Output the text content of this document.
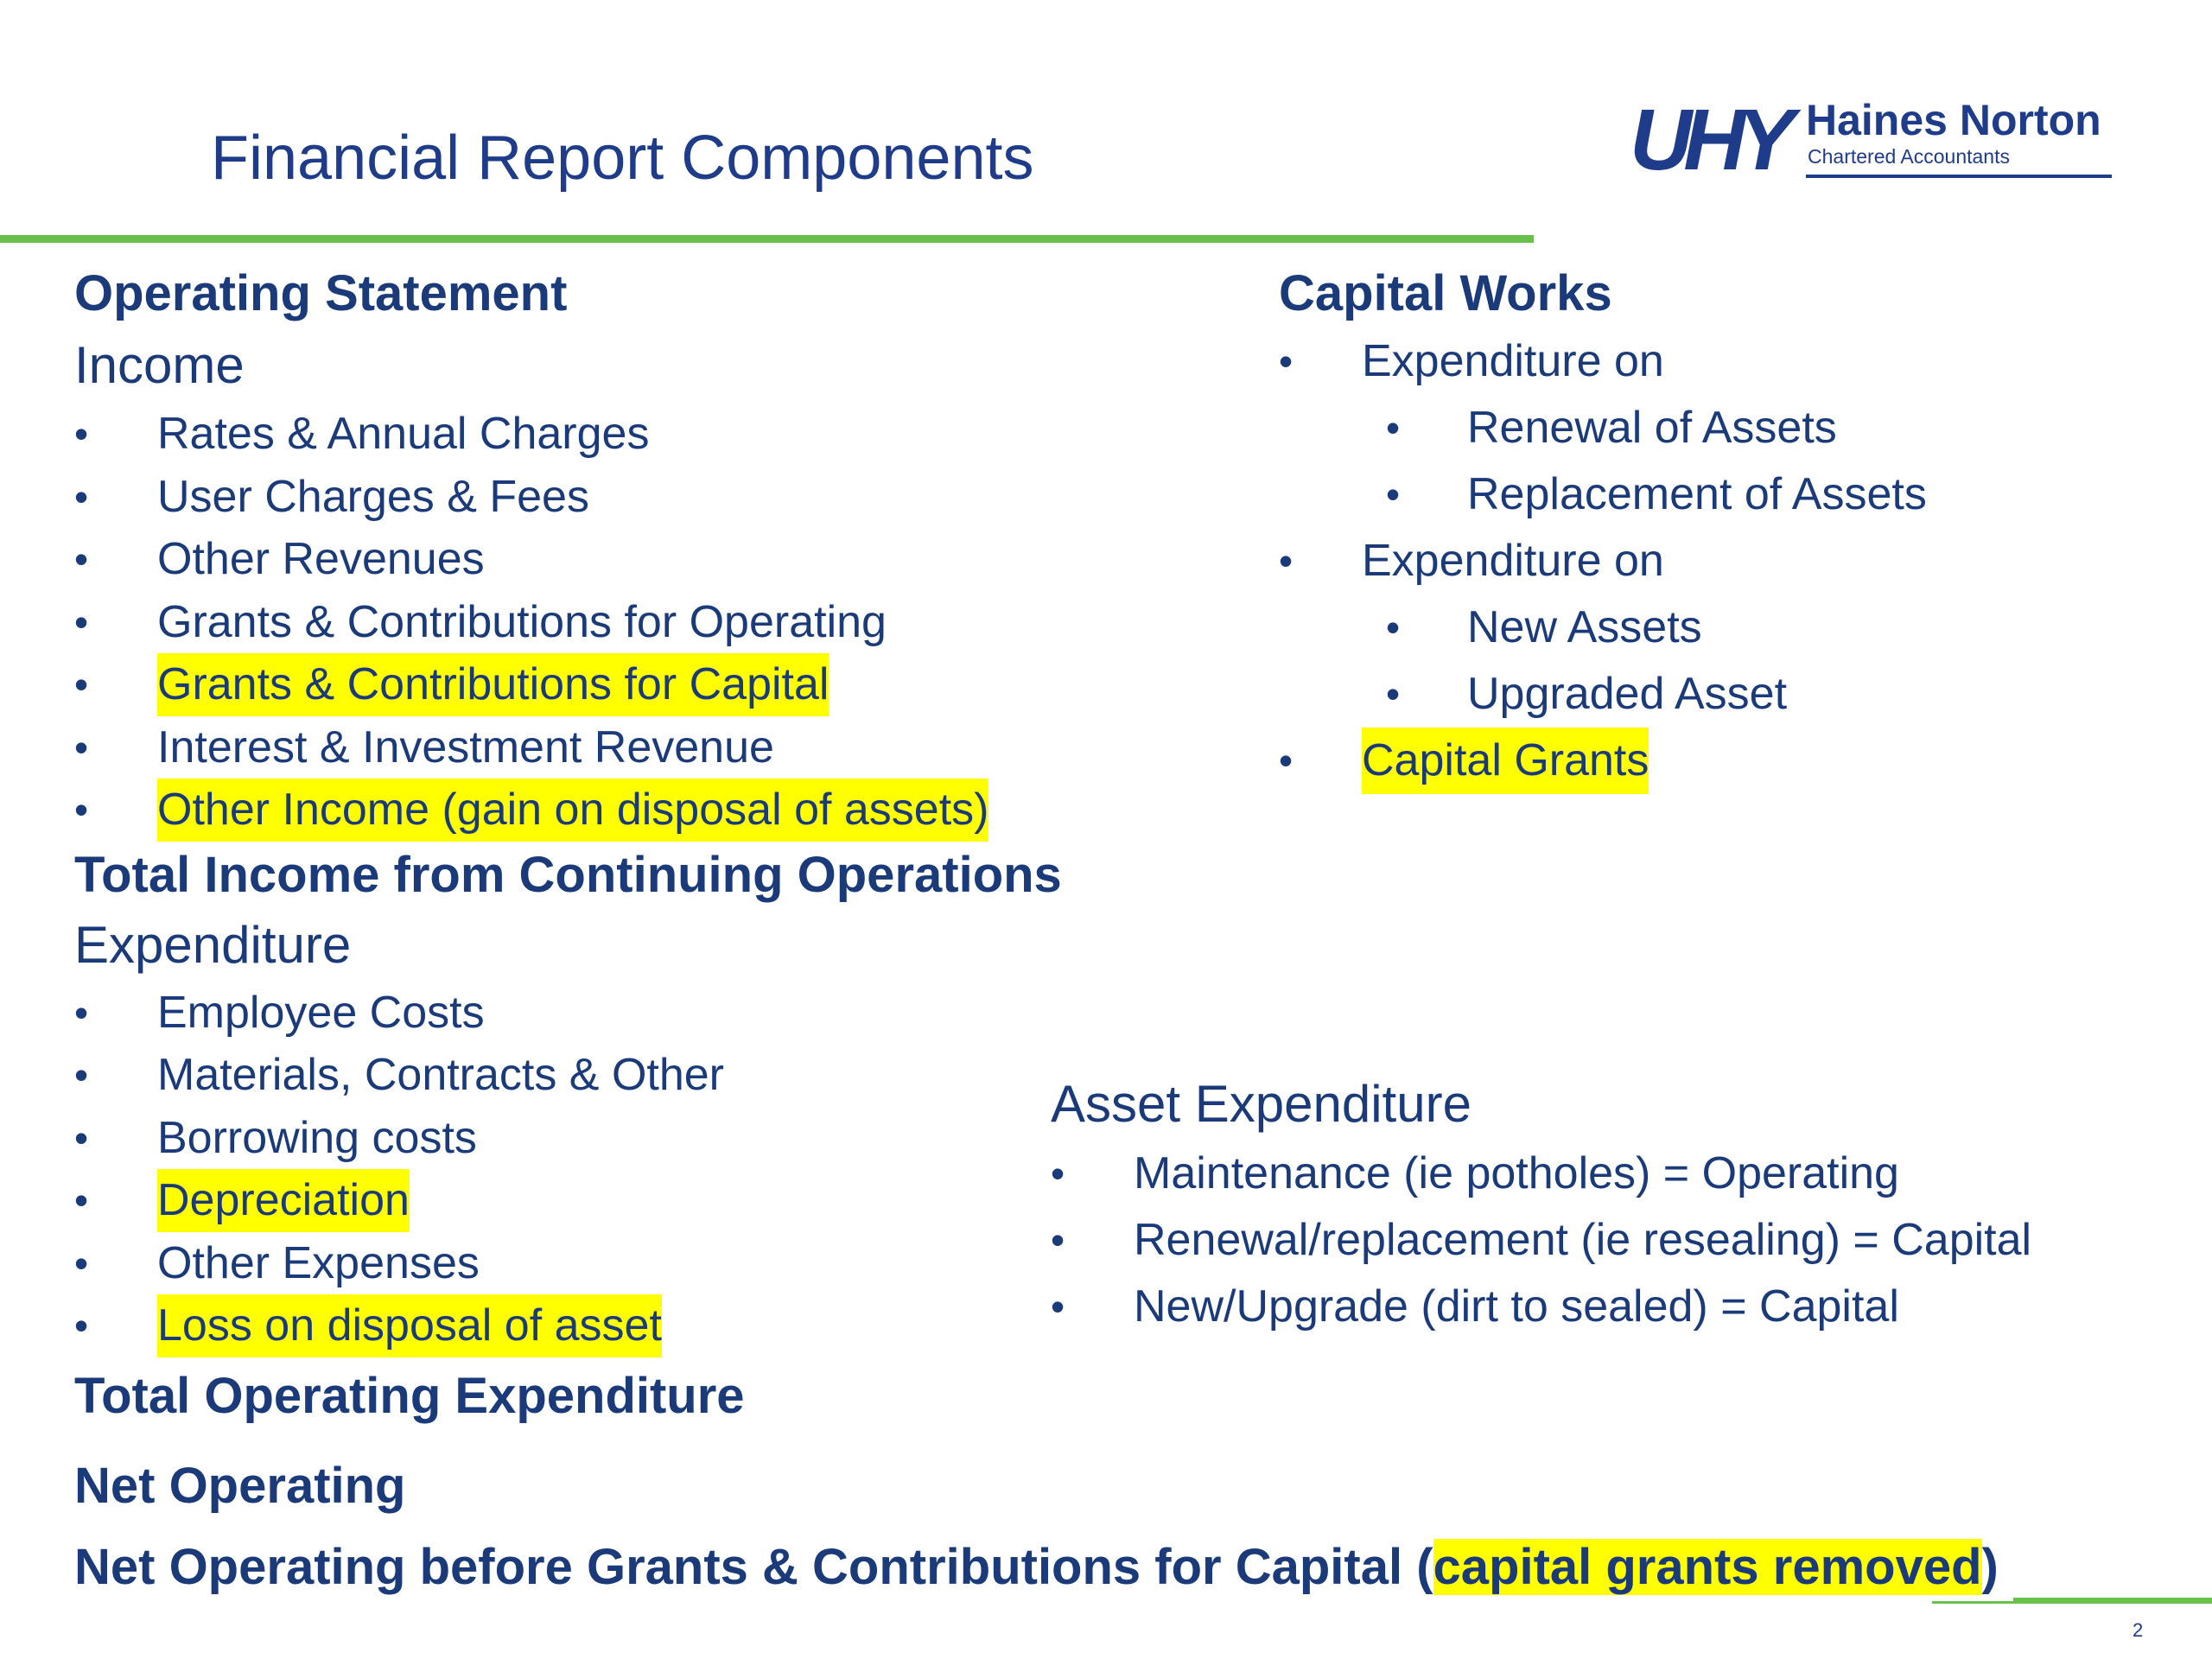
Financial Report Components	UHY Haines Norton
Chartered Accountants
Operating Statement
Income
• Rates & Annual Charges
• User Charges & Fees
• Other Revenues
• Grants & Contributions for Operating
• Grants & Contributions for Capital
• Interest & Investment Revenue
• Other Income (gain on disposal of assets)
Total Income from Continuing Operations
Expenditure
• Employee Costs
• Materials, Contracts & Other
• Borrowing costs
• Depreciation
• Other Expenses
• Loss on disposal of asset
Total Operating Expenditure
Net Operating
Net Operating before Grants & Contributions for Capital (capital grants removed)
Capital Works
• Expenditure on
• Renewal of Assets
• Replacement of Assets
• Expenditure on
• New Assets
• Upgraded Asset
• Capital Grants
Asset Expenditure
• Maintenance (ie potholes) = Operating
• Renewal/replacement (ie resealing) = Capital
• New/Upgrade (dirt to sealed) = Capital
2
